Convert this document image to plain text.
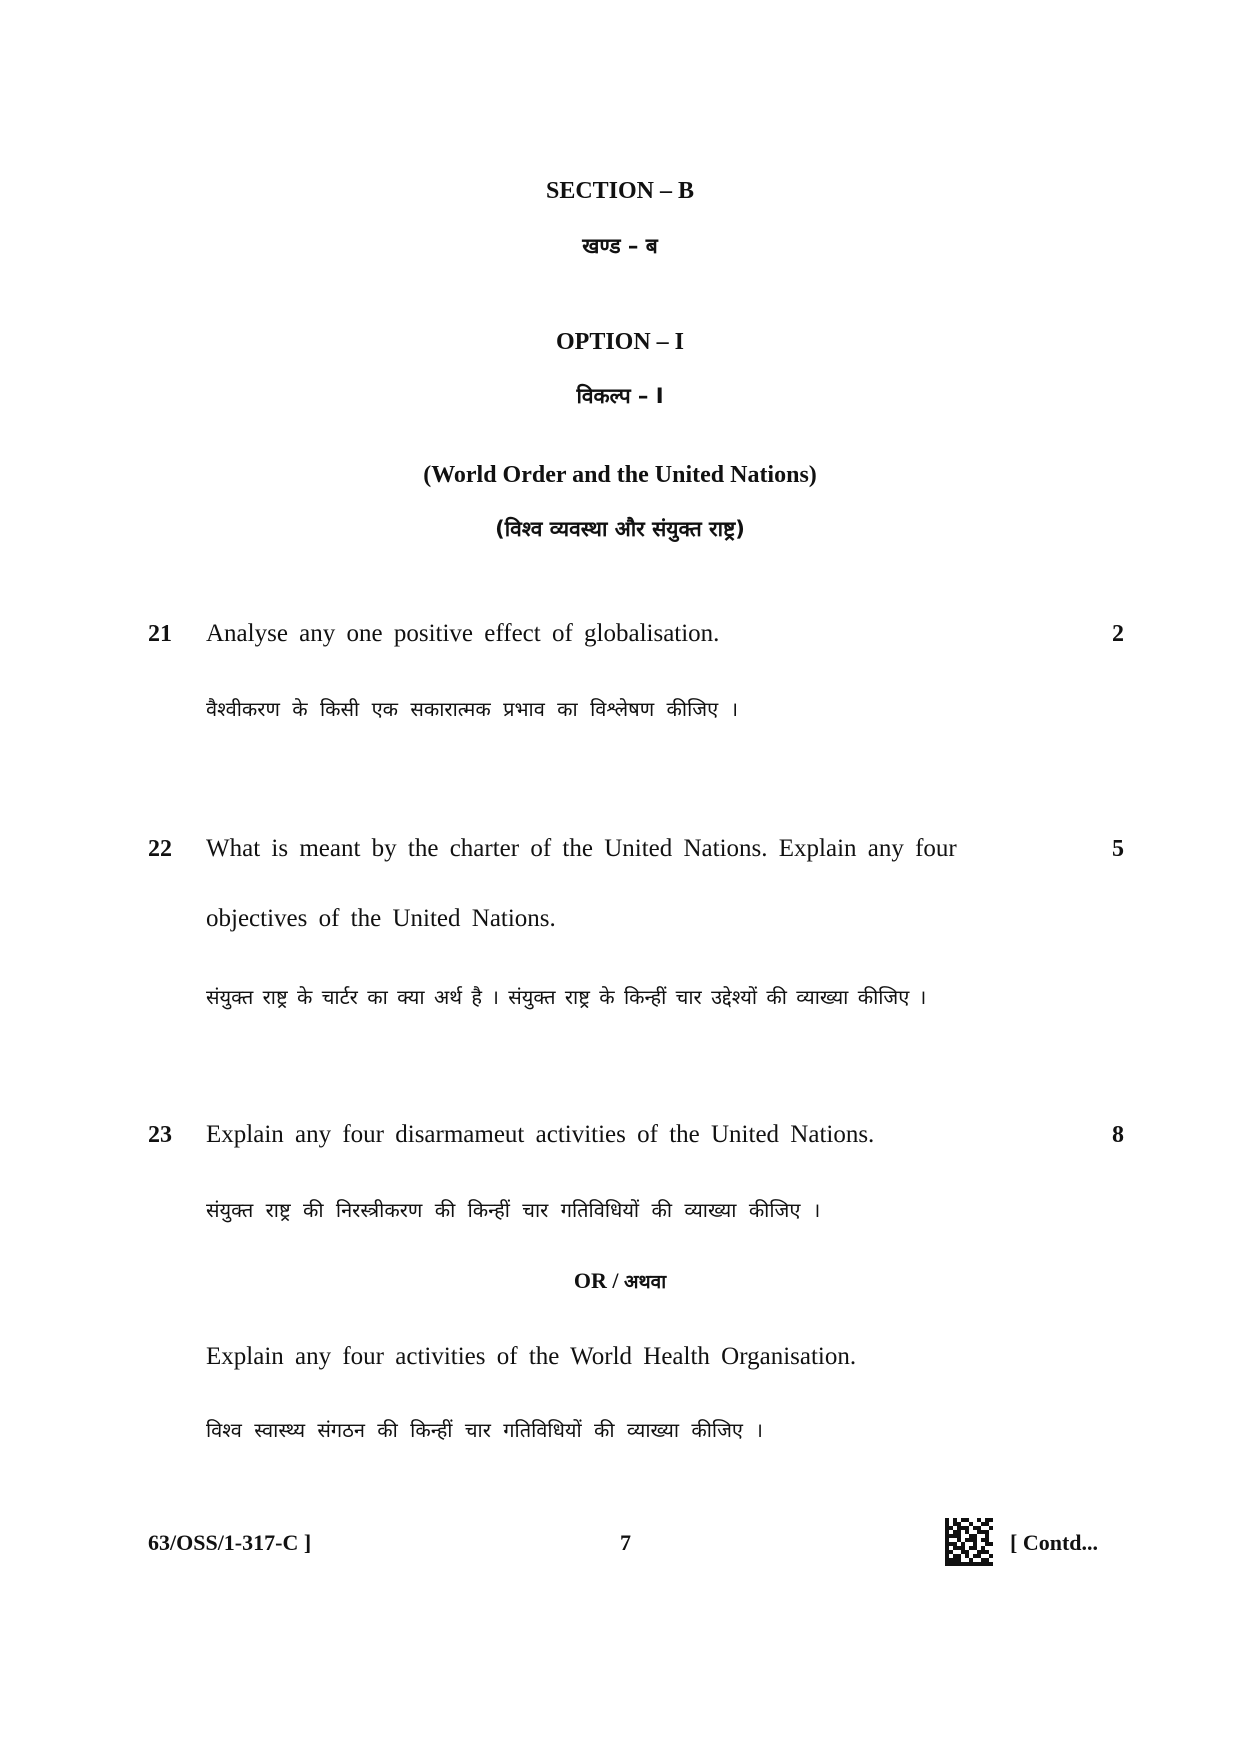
SECTION – B
खण्ड – ब
OPTION – I
विकल्प – I
(World Order and the United Nations)
(विश्व व्यवस्था और संयुक्त राष्ट्र)
21 Analyse any one positive effect of globalisation.	2
वैश्वीकरण के किसी एक सकारात्मक प्रभाव का विश्लेषण कीजिए ।
22 What is meant by the charter of the United Nations. Explain any four	5
objectives of the United Nations.
संयुक्त राष्ट्र के चार्टर का क्या अर्थ है । संयुक्त राष्ट्र के किन्हीं चार उद्देश्यों की व्याख्या कीजिए ।
23 Explain any four disarmameut activities of the United Nations.	8
संयुक्त राष्ट्र की निरस्त्रीकरण की किन्हीं चार गतिविधियों की व्याख्या कीजिए ।
OR / अथवा
Explain any four activities of the World Health Organisation.
विश्व स्वास्थ्य संगठन की किन्हीं चार गतिविधियों की व्याख्या कीजिए ।
63/OSS/1-317-C ]	7	[ Contd...
